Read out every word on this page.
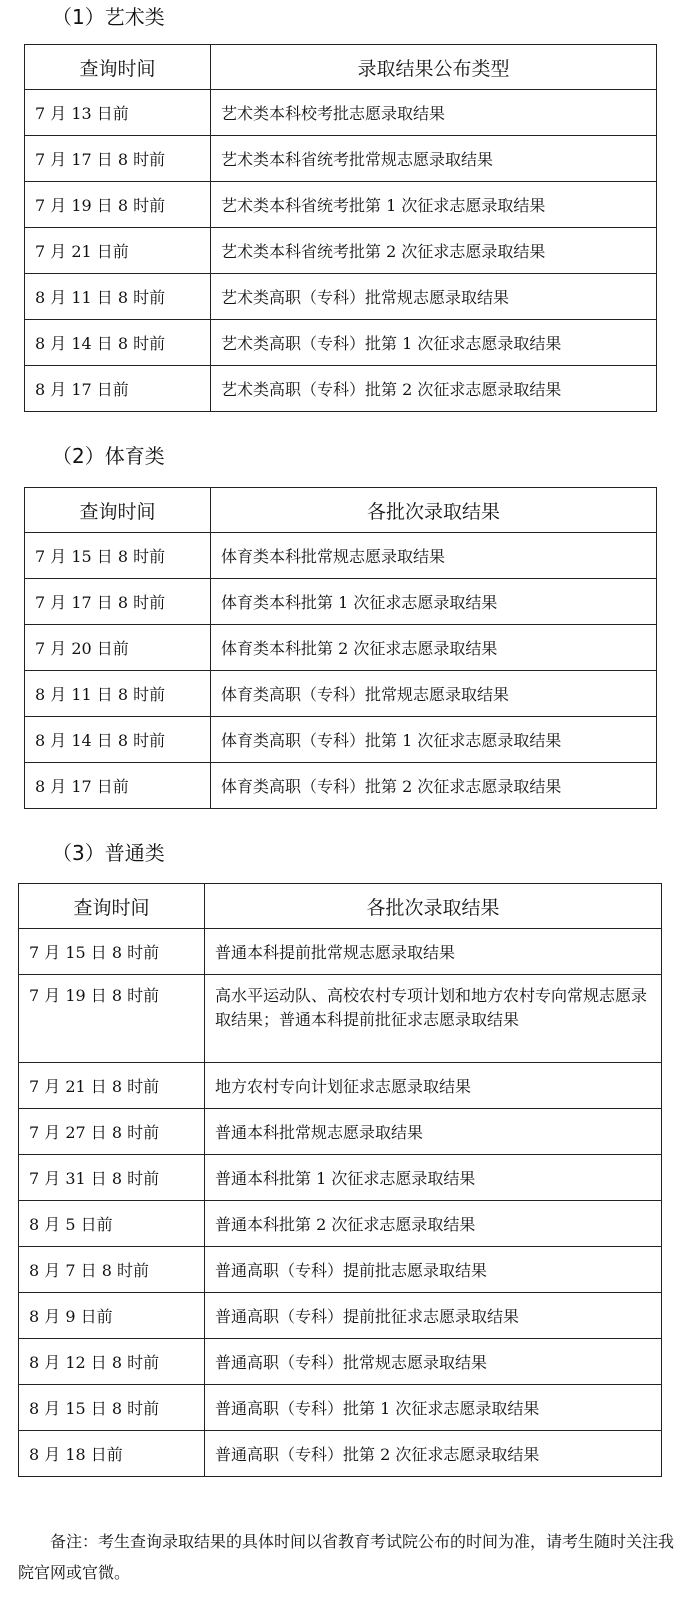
（1）艺术类
查询时间	录取结果公布类型
7 月 13 日前	艺术类本科校考批志愿录取结果
7 月 17 日 8 时前	艺术类本科省统考批常规志愿录取结果
7 月 19 日 8 时前	艺术类本科省统考批第 1 次征求志愿录取结果
7 月 21 日前	艺术类本科省统考批第 2 次征求志愿录取结果
8 月 11 日 8 时前	艺术类高职（专科）批常规志愿录取结果
8 月 14 日 8 时前	艺术类高职（专科）批第 1 次征求志愿录取结果
8 月 17 日前	艺术类高职（专科）批第 2 次征求志愿录取结果
（2）体育类
查询时间	各批次录取结果
7 月 15 日 8 时前	体育类本科批常规志愿录取结果
7 月 17 日 8 时前	体育类本科批第 1 次征求志愿录取结果
7 月 20 日前	体育类本科批第 2 次征求志愿录取结果
8 月 11 日 8 时前	体育类高职（专科）批常规志愿录取结果
8 月 14 日 8 时前	体育类高职（专科）批第 1 次征求志愿录取结果
8 月 17 日前	体育类高职（专科）批第 2 次征求志愿录取结果
（3）普通类
查询时间	各批次录取结果
7 月 15 日 8 时前	普通本科提前批常规志愿录取结果
7 月 19 日 8 时前	高水平运动队、高校农村专项计划和地方农村专向常规志愿录取结果；普通本科提前批征求志愿录取结果
7 月 21 日 8 时前	地方农村专向计划征求志愿录取结果
7 月 27 日 8 时前	普通本科批常规志愿录取结果
7 月 31 日 8 时前	普通本科批第 1 次征求志愿录取结果
8 月 5 日前	普通本科批第 2 次征求志愿录取结果
8 月 7 日 8 时前	普通高职（专科）提前批志愿录取结果
8 月 9 日前	普通高职（专科）提前批征求志愿录取结果
8 月 12 日 8 时前	普通高职（专科）批常规志愿录取结果
8 月 15 日 8 时前	普通高职（专科）批第 1 次征求志愿录取结果
8 月 18 日前	普通高职（专科）批第 2 次征求志愿录取结果
备注：考生查询录取结果的具体时间以省教育考试院公布的时间为准，请考生随时关注我院官网或官微。
